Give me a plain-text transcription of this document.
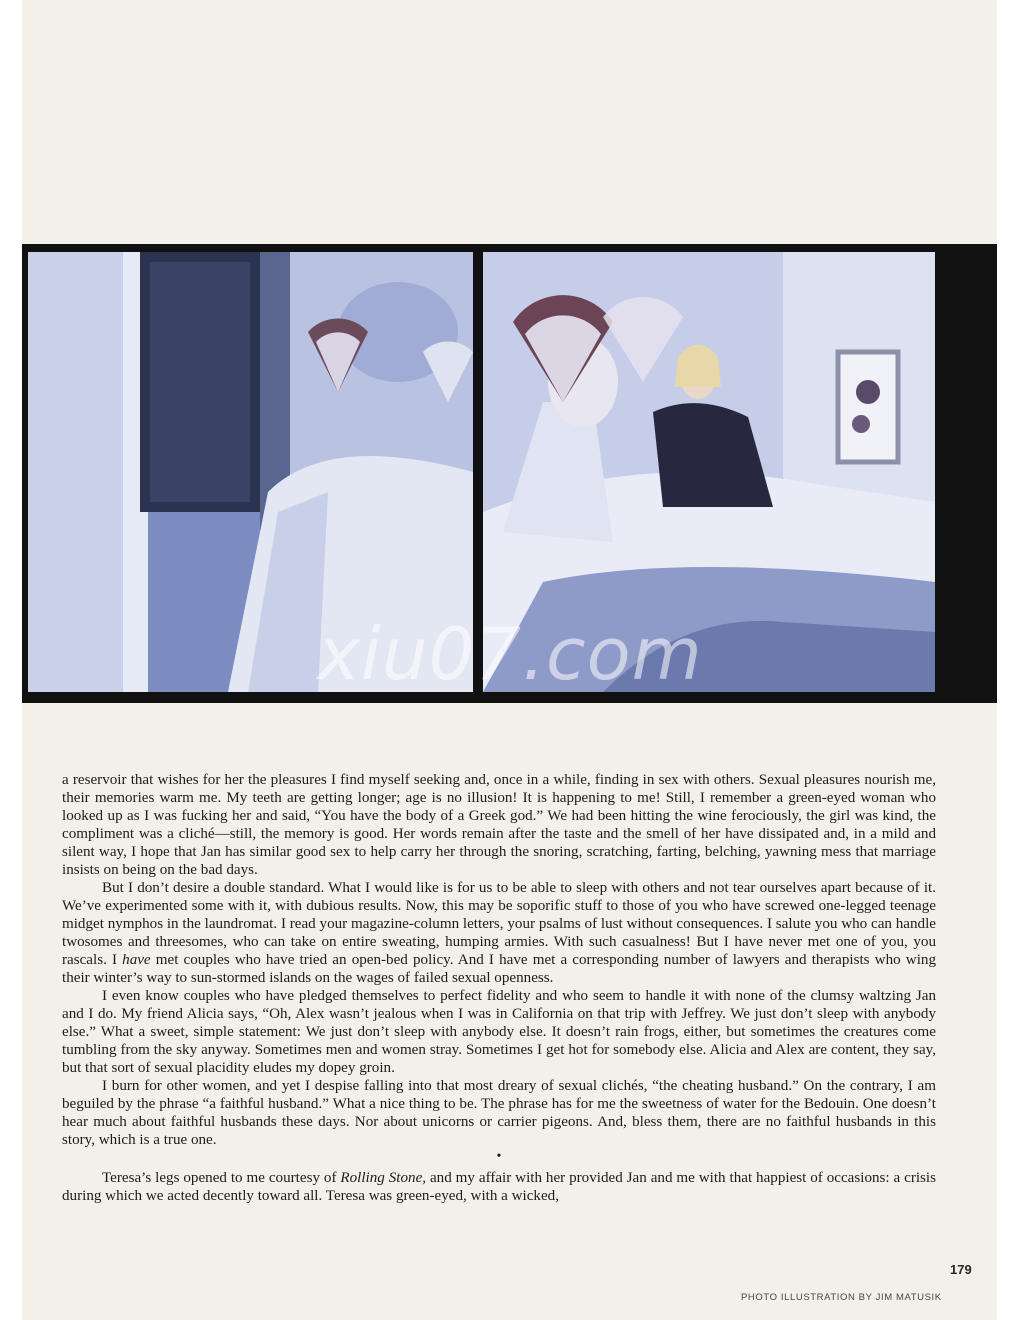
xiu07.com

a reservoir that wishes for her the pleasures I find myself seeking and, once in a while, finding in sex with others. Sexual pleasures nourish me, their memories warm me. My teeth are getting longer; age is no illusion! It is happening to me! Still, I remember a green-eyed woman who looked up as I was fucking her and said, “You have the body of a Greek god.” We had been hitting the wine ferociously, the girl was kind, the compliment was a cliché—still, the memory is good. Her words remain after the taste and the smell of her have dissipated and, in a mild and silent way, I hope that Jan has similar good sex to help carry her through the snoring, scratching, farting, belching, yawning mess that marriage insists on being on the bad days.

But I don’t desire a double standard. What I would like is for us to be able to sleep with others and not tear ourselves apart because of it. We’ve experimented some with it, with dubious results. Now, this may be soporific stuff to those of you who have screwed one-legged teenage midget nymphos in the laundromat. I read your magazine-column letters, your psalms of lust without consequences. I salute you who can handle twosomes and threesomes, who can take on entire sweating, humping armies. With such casualness! But I have never met one of you, you rascals. I have met couples who have tried an open-bed policy. And I have met a corresponding number of lawyers and therapists who wing their winter’s way to sun-stormed islands on the wages of failed sexual openness.

I even know couples who have pledged themselves to perfect fidelity and who seem to handle it with none of the clumsy waltzing Jan and I do. My friend Alicia says, “Oh, Alex wasn’t jealous when I was in California on that trip with Jeffrey. We just don’t sleep with anybody else.” What a sweet, simple statement: We just don’t sleep with anybody else. It doesn’t rain frogs, either, but sometimes the creatures come tumbling from the sky anyway. Sometimes men and women stray. Sometimes I get hot for somebody else. Alicia and Alex are content, they say, but that sort of sexual placidity eludes my dopey groin.

I burn for other women, and yet I despise falling into that most dreary of sexual clichés, “the cheating husband.” On the contrary, I am beguiled by the phrase “a faithful husband.” What a nice thing to be. The phrase has for me the sweetness of water for the Bedouin. One doesn’t hear much about faithful husbands these days. Nor about unicorns or carrier pigeons. And, bless them, there are no faithful husbands in this story, which is a true one.

•

Teresa’s legs opened to me courtesy of Rolling Stone, and my affair with her provided Jan and me with that happiest of occasions: a crisis during which we acted decently toward all. Teresa was green-eyed, with a wicked,

179
PHOTO ILLUSTRATION BY JIM MATUSIK
